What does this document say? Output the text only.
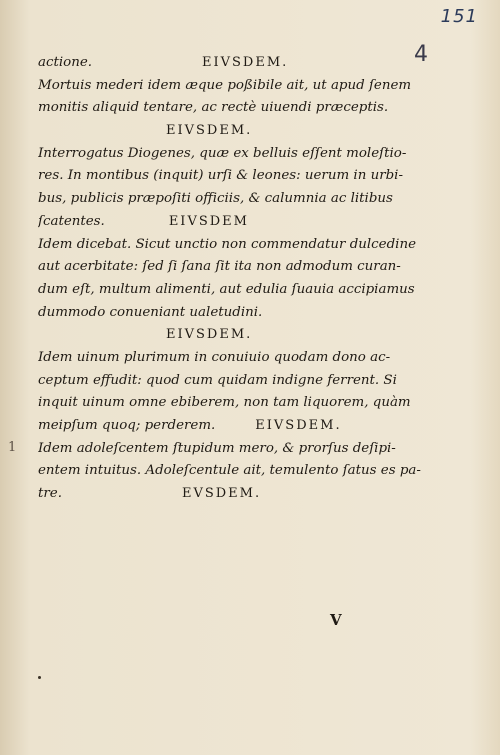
151
4
1
actione.	EIVSDEM.
Mortuis mederi idem æque poßibile ait, ut apud ſenem
monitis aliquid tentare, ac rectè uiuendi præceptis.
EIVSDEM.
Interrogatus Diogenes, quæ ex belluis eſſent moleſtio-
res. In montibus (inquit) urſi & leones: uerum in urbi-
bus, publicis præpoſiti officiis, & calumnia ac litibus
ſcatentes.	EIVSDEM
Idem dicebat. Sicut unctio non commendatur dulcedine
aut acerbitate: ſed ſi ſana ſit ita non admodum curan-
dum eſt, multum alimenti, aut edulia ſuauia accipiamus
dummodo conueniant ualetudini.
EIVSDEM.
Idem uinum plurimum in conuiuio quodam dono ac-
ceptum effudit: quod cum quidam indigne ferrent. Si
inquit uinum omne ebiberem, non tam liquorem, quàm
meipſum quoq; perderem.	EIVSDEM.
Idem adoleſcentem ſtupidum mero, & prorſus deſipi-
entem intuitus. Adoleſcentule ait, temulento ſatus es pa-
tre.	EVSDEM.
V
